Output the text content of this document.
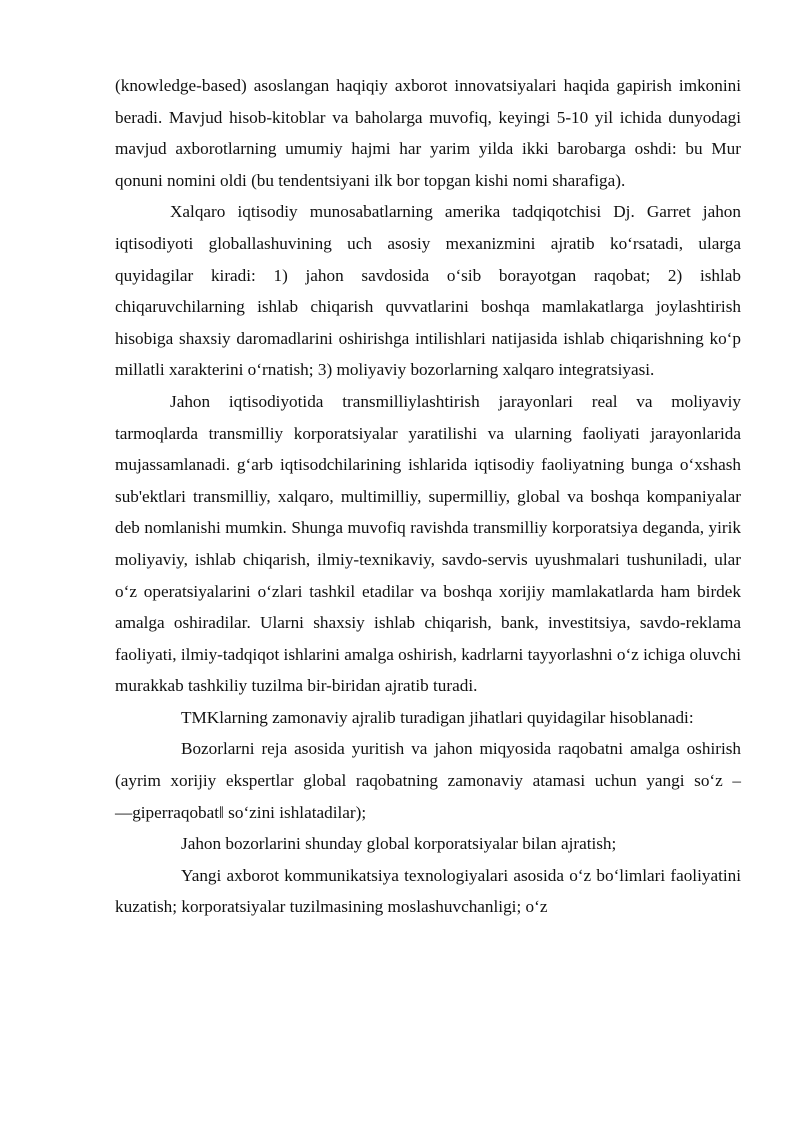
(knowledge-based) asoslangan haqiqiy axborot innovatsiyalari haqida gapirish imkonini beradi. Mavjud hisob-kitoblar va baholarga muvofiq, keyingi 5-10 yil ichida dunyodagi mavjud axborotlarning umumiy hajmi har yarim yilda ikki barobarga oshdi: bu Mur qonuni nomini oldi (bu tendentsiyani ilk bor topgan kishi nomi sharafiga).

Xalqaro iqtisodiy munosabatlarning amerika tadqiqotchisi Dj. Garret jahon iqtisodiyoti globallashuvining uch asosiy mexanizmini ajratib ko‘rsatadi, ularga quyidagilar kiradi: 1) jahon savdosida o‘sib borayotgan raqobat; 2) ishlab chiqaruvchilarning ishlab chiqarish quvvatlarini boshqa mamlakatlarga joylashtirish hisobiga shaxsiy daromadlarini oshirishga intilishlari natijasida ishlab chiqarishning ko‘p millatli xarakterini o‘rnatish; 3) moliyaviy bozorlarning xalqaro integratsiyasi.

Jahon iqtisodiyotida transmilliylashtirish jarayonlari real va moliyaviy tarmoqlarda transmilliy korporatsiyalar yaratilishi va ularning faoliyati jarayonlarida mujassamlanadi. g‘arb iqtisodchilarining ishlarida iqtisodiy faoliyatning bunga o‘xshash sub'ektlari transmilliy, xalqaro, multimilliy, supermilliy, global va boshqa kompaniyalar deb nomlanishi mumkin. Shunga muvofiq ravishda transmilliy korporatsiya deganda, yirik moliyaviy, ishlab chiqarish, ilmiy-texnikaviy, savdo-servis uyushmalari tushuniladi, ular o‘z operatsiyalarini o‘zlari tashkil etadilar va boshqa xorijiy mamlakatlarda ham birdek amalga oshiradilar. Ularni shaxsiy ishlab chiqarish, bank, investitsiya, savdo-reklama faoliyati, ilmiy-tadqiqot ishlarini amalga oshirish, kadrlarni tayyorlashni o‘z ichiga oluvchi murakkab tashkiliy tuzilma bir-biridan ajratib turadi.

TMKlarning zamonaviy ajralib turadigan jihatlari quyidagilar hisoblanadi:

Bozorlarni reja asosida yuritish va jahon miqyosida raqobatni amalga oshirish (ayrim xorijiy ekspertlar global raqobatning zamonaviy atamasi uchun yangi so‘z – ―giperraqobat‖ so‘zini ishlatadilar);

Jahon bozorlarini shunday global korporatsiyalar bilan ajratish;

Yangi axborot kommunikatsiya texnologiyalari asosida o‘z bo‘limlari faoliyatini kuzatish; korporatsiyalar tuzilmasining moslashuvchanligi; o‘z
